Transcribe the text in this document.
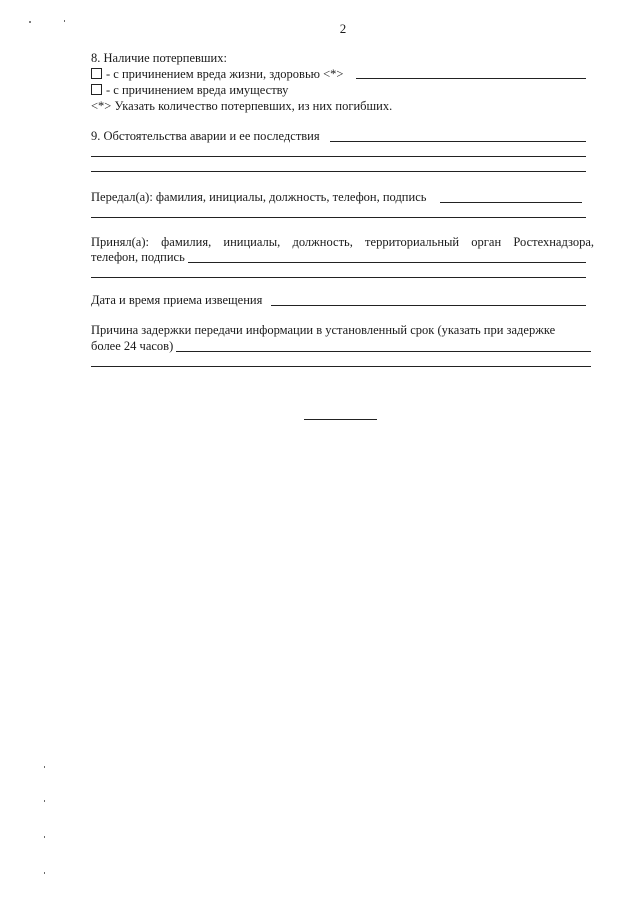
2
8. Наличие потерпевших:
- с причинением вреда жизни, здоровью <*>
- с причинением вреда имуществу
<*> Указать количество потерпевших, из них погибших.
9. Обстоятельства аварии и ее последствия
Передал(а): фамилия, инициалы, должность, телефон, подпись
Принял(а): фамилия, инициалы, должность, территориальный орган Ростехнадзора,
телефон, подпись
Дата и время приема извещения
Причина задержки передачи информации в установленный срок (указать при задержке
более 24 часов)
